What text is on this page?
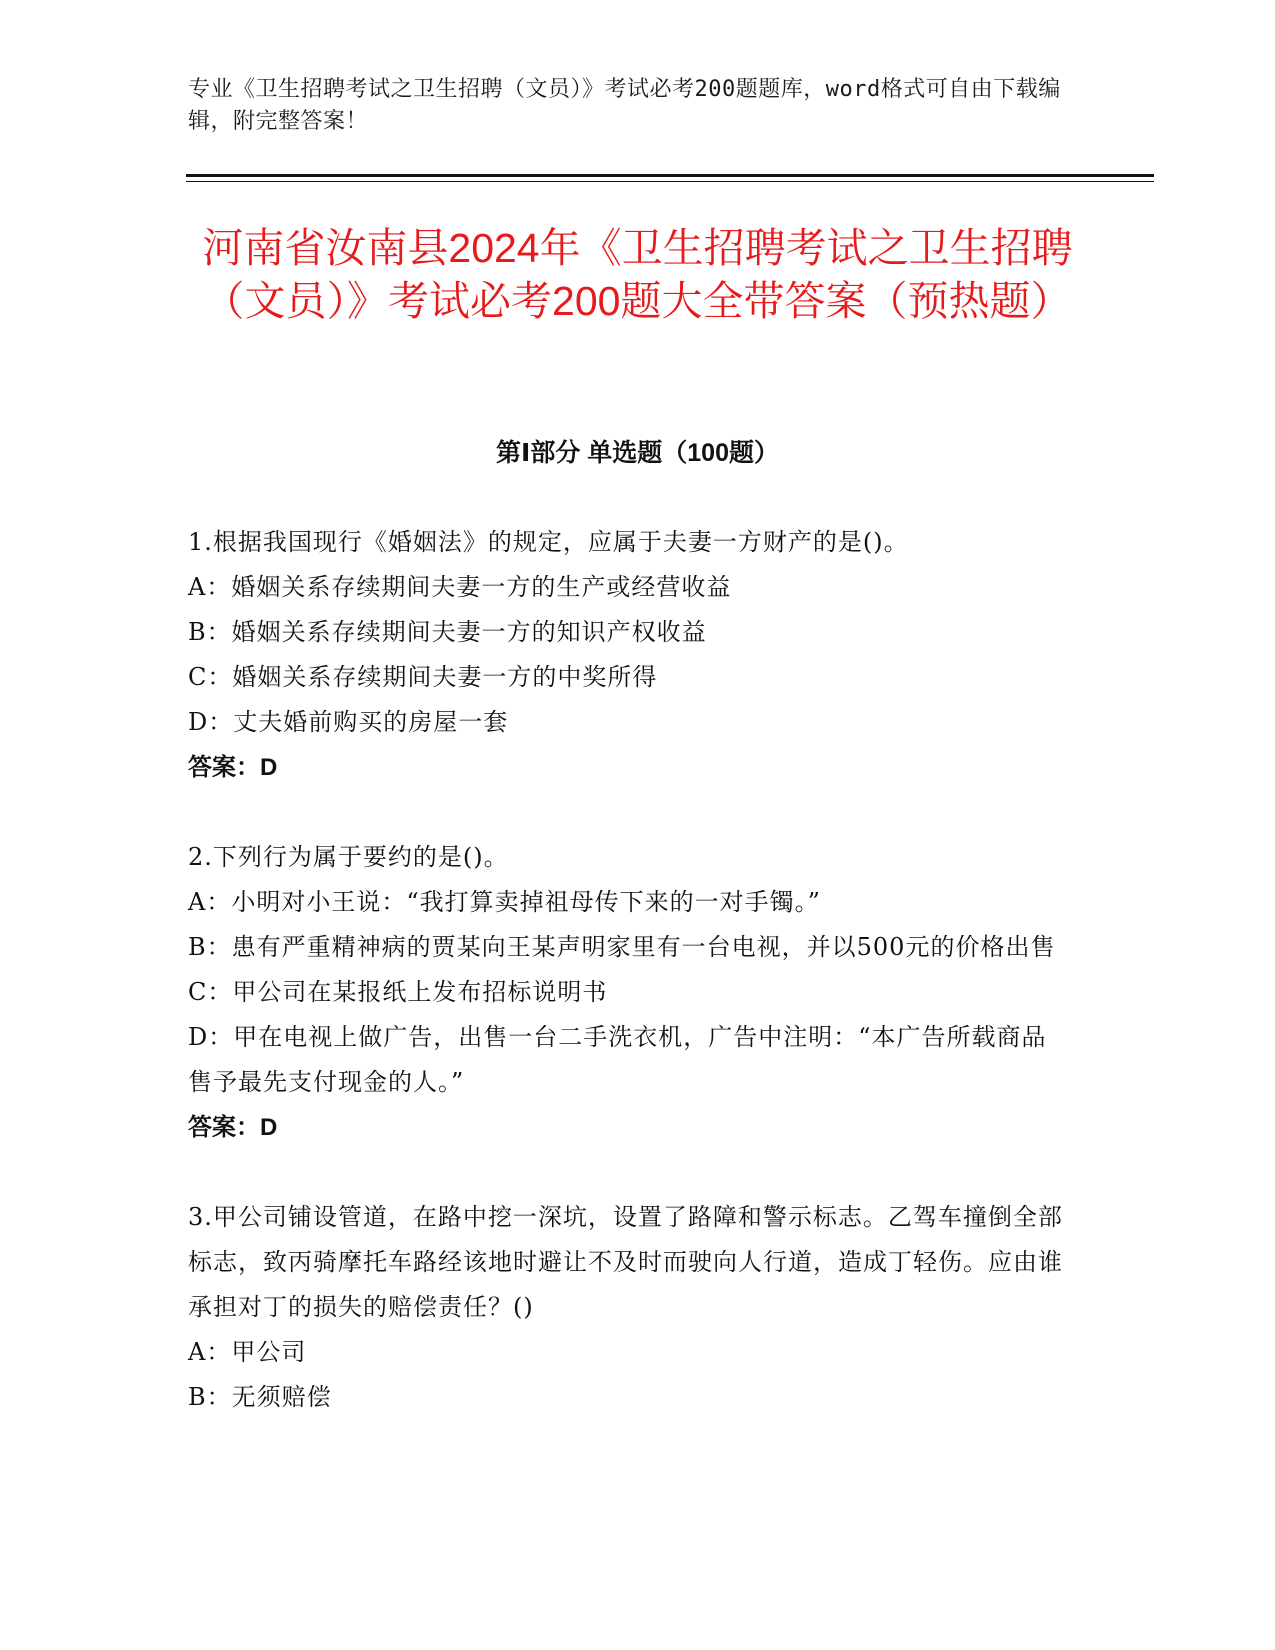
专业《卫生招聘考试之卫生招聘（文员）》考试必考200题题库，word格式可自由下载编辑，附完整答案！
河南省汝南县2024年《卫生招聘考试之卫生招聘（文员）》考试必考200题大全带答案（预热题）
第Ⅰ部分 单选题（100题）

1.根据我国现行《婚姻法》的规定，应属于夫妻一方财产的是()。

A：婚姻关系存续期间夫妻一方的生产或经营收益

B：婚姻关系存续期间夫妻一方的知识产权收益

C：婚姻关系存续期间夫妻一方的中奖所得

D：丈夫婚前购买的房屋一套

答案：D

2.下列行为属于要约的是()。

A：小明对小王说：“我打算卖掉祖母传下来的一对手镯。”

B：患有严重精神病的贾某向王某声明家里有一台电视，并以500元的价格出售

C：甲公司在某报纸上发布招标说明书

D：甲在电视上做广告，出售一台二手洗衣机，广告中注明：“本广告所载商品售予最先支付现金的人。”

答案：D

3.甲公司铺设管道，在路中挖一深坑，设置了路障和警示标志。乙驾车撞倒全部标志，致丙骑摩托车路经该地时避让不及时而驶向人行道，造成丁轻伤。应由谁承担对丁的损失的赔偿责任？()

A：甲公司

B：无须赔偿
